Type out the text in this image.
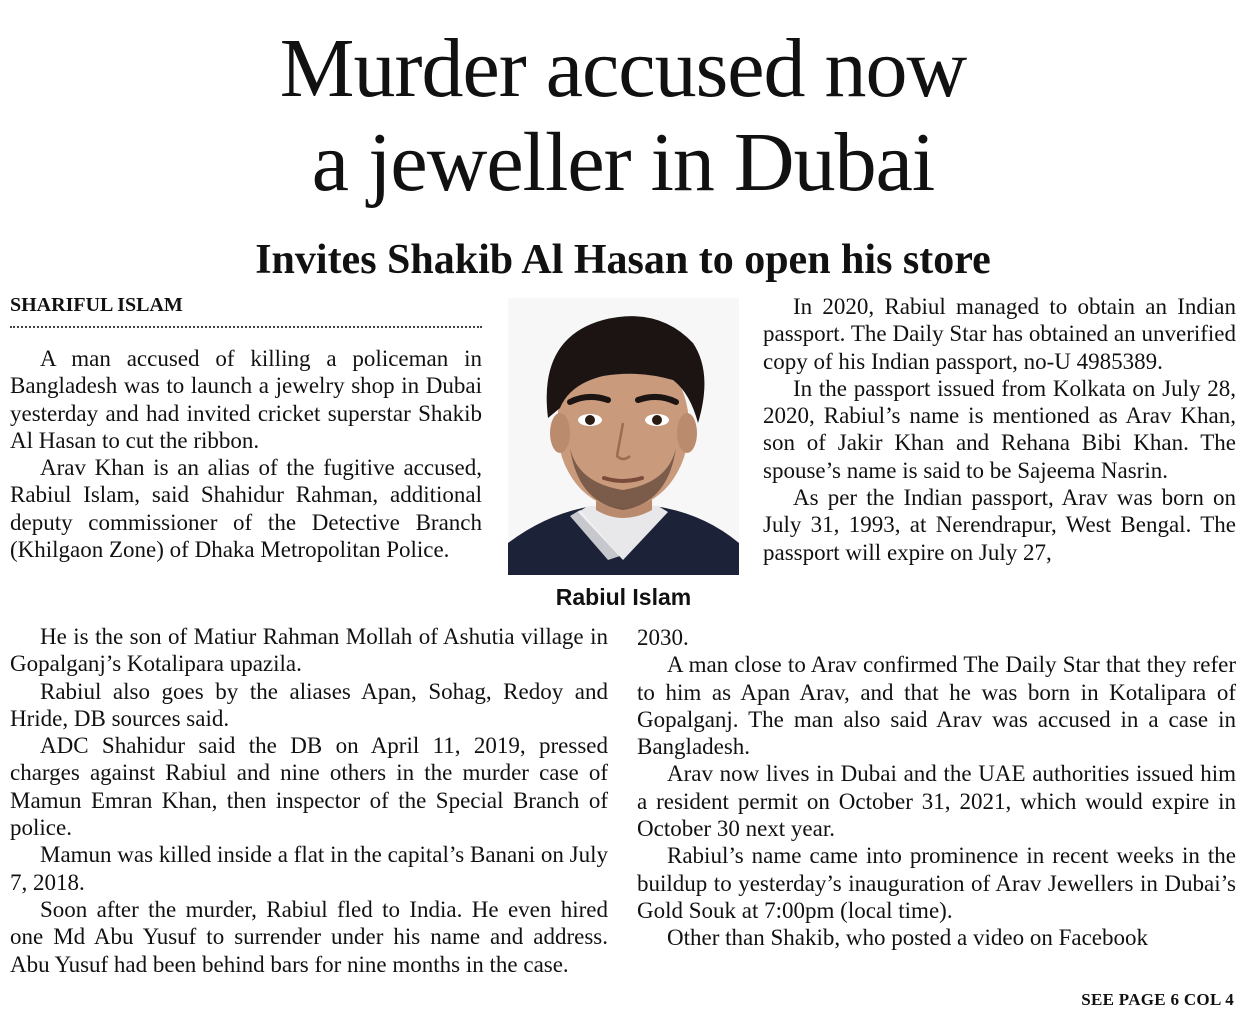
Murder accused now
a jeweller in Dubai
Invites Shakib Al Hasan to open his store
SHARIFUL ISLAM

A man accused of killing a policeman in Bangladesh was to launch a jewelry shop in Dubai yesterday and had invited cricket superstar Shakib Al Hasan to cut the ribbon.

Arav Khan is an alias of the fugitive accused, Rabiul Islam, said Shahidur Rahman, additional deputy commissioner of the Detective Branch (Khilgaon Zone) of Dhaka Metropolitan Police.

He is the son of Matiur Rahman Mollah of Ashutia village in Gopalganj’s Kotalipara upazila.

Rabiul also goes by the aliases Apan, Sohag, Redoy and Hride, DB sources said.

ADC Shahidur said the DB on April 11, 2019, pressed charges against Rabiul and nine others in the murder case of Mamun Emran Khan, then inspector of the Special Branch of police.

Mamun was killed inside a flat in the capital’s Banani on July 7, 2018.

Soon after the murder, Rabiul fled to India. He even hired one Md Abu Yusuf to surrender under his name and address. Abu Yusuf had been behind bars for nine months in the case.

Rabiul Islam

In 2020, Rabiul managed to obtain an Indian passport. The Daily Star has obtained an unverified copy of his Indian passport, no-U 4985389.

In the passport issued from Kolkata on July 28, 2020, Rabiul’s name is mentioned as Arav Khan, son of Jakir Khan and Rehana Bibi Khan. The spouse’s name is said to be Sajeema Nasrin.

As per the Indian passport, Arav was born on July 31, 1993, at Nerendrapur, West Bengal. The passport will expire on July 27,

2030.

A man close to Arav confirmed The Daily Star that they refer to him as Apan Arav, and that he was born in Kotalipara of Gopalganj. The man also said Arav was accused in a case in Bangladesh.

Arav now lives in Dubai and the UAE authorities issued him a resident permit on October 31, 2021, which would expire in October 30 next year.

Rabiul’s name came into prominence in recent weeks in the buildup to yesterday’s inauguration of Arav Jewellers in Dubai’s Gold Souk at 7:00pm (local time).

Other than Shakib, who posted a video on Facebook

SEE PAGE 6 COL 4
